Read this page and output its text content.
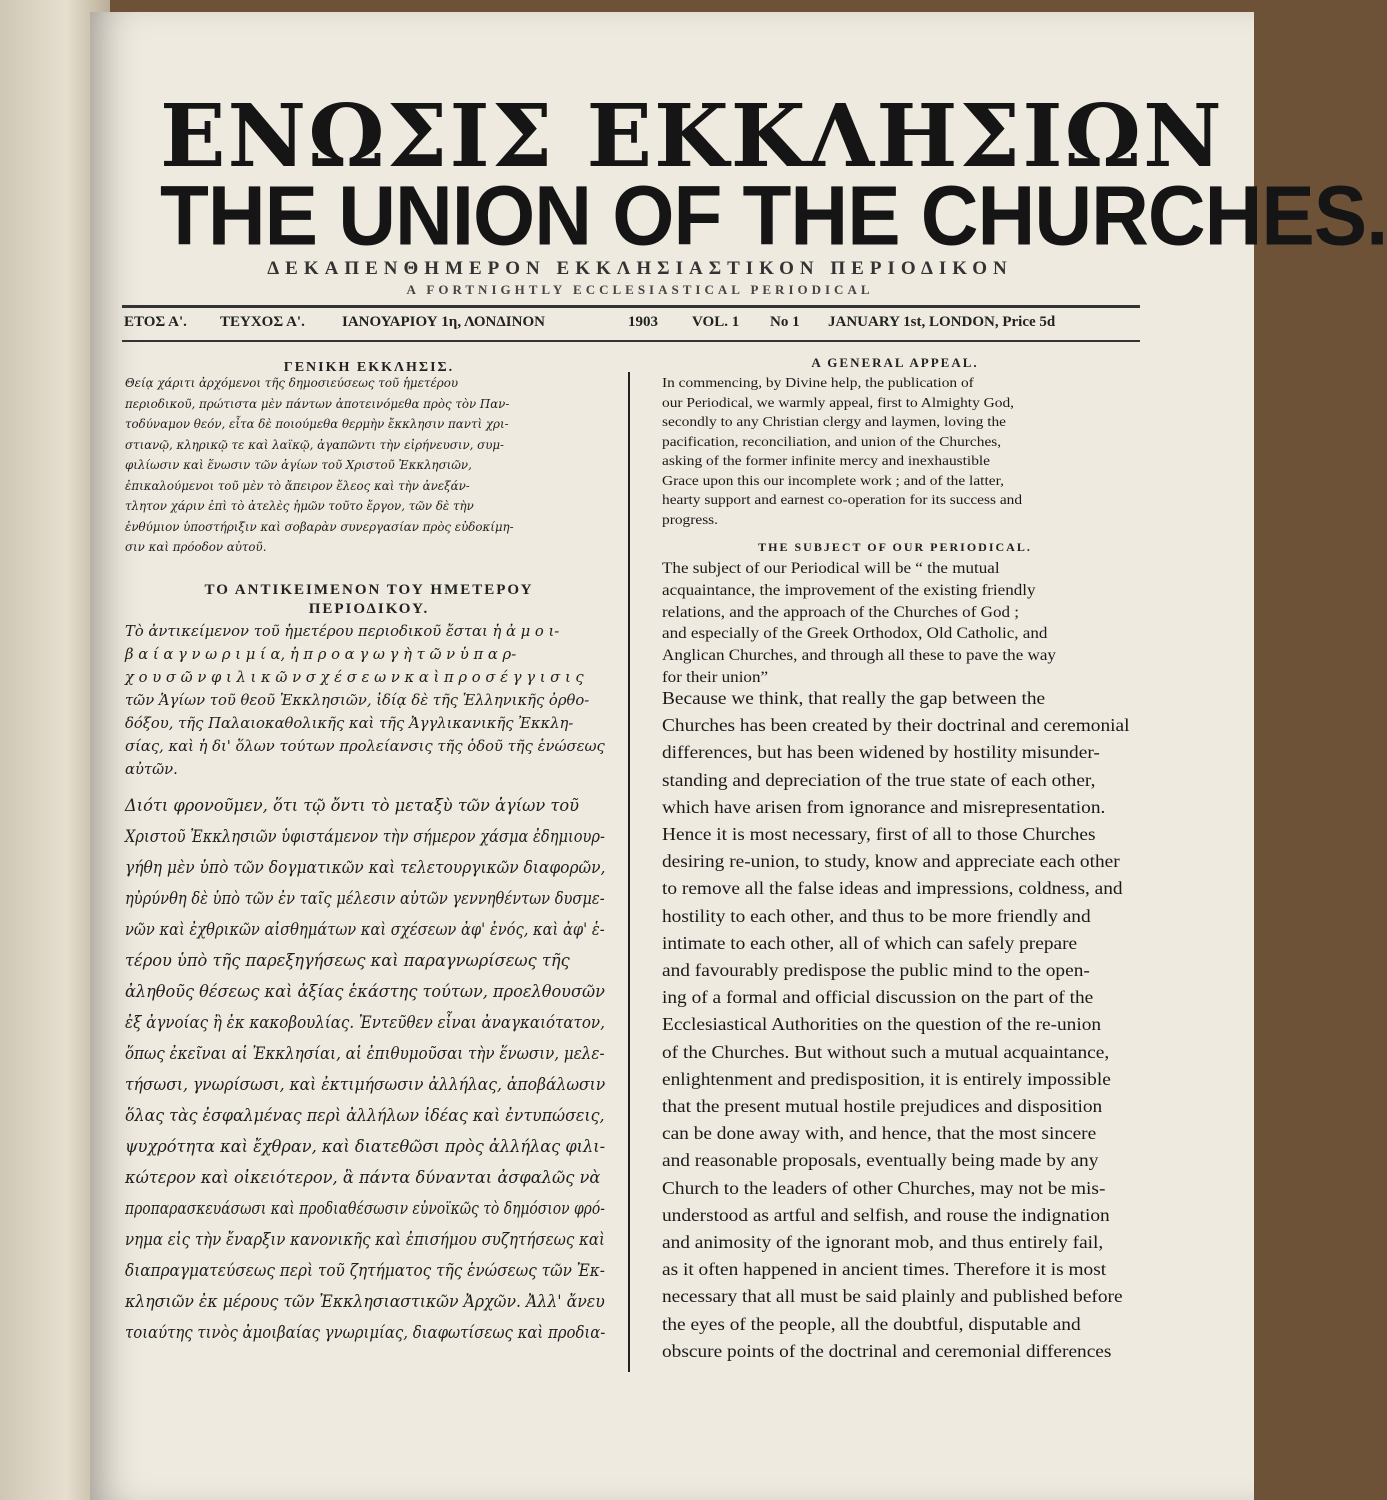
ΕΝΩΣΙΣ ΕΚΚΛΗΣΙΩΝ
THE UNION OF THE CHURCHES.
ΔΕΚΑΠΕΝΘΗΜΕΡΟΝ ΕΚΚΛΗΣΙΑΣΤΙΚΟΝ ΠΕΡΙΟΔΙΚΟΝ
A FORTNIGHTLY ECCLESIASTICAL PERIODICAL
ΕΤΟΣ Α'. ΤΕΥΧΟΣ Α'. ΙΑΝΟΥΑΡΙΟΥ 1η, ΛΟΝΔΙΝΟΝ	1903 VOL. 1 No 1 JANUARY 1st, LONDON, Price 5d
ΓΕΝΙΚΗ ΕΚΚΛΗΣΙΣ.
Θείᾳ χάριτι ἀρχόμενοι τῆς δημοσιεύσεως τοῦ ἡμετέρου
περιοδικοῦ, πρώτιστα μὲν πάντων ἀποτεινόμεθα πρὸς τὸν Παν-
τοδύναμον θεόν, εἶτα δὲ ποιούμεθα θερμὴν ἔκκλησιν παντὶ χρι-
στιανῷ, κληρικῷ τε καὶ λαϊκῷ, ἀγαπῶντι τὴν εἰρήνευσιν, συμ-
φιλίωσιν καὶ ἕνωσιν τῶν ἁγίων τοῦ Χριστοῦ Ἐκκλησιῶν,
ἐπικαλούμενοι τοῦ μὲν τὸ ἄπειρον ἔλεος καὶ τὴν ἀνεξάν-
τλητον χάριν ἐπὶ τὸ ἀτελὲς ἡμῶν τοῦτο ἔργον, τῶν δὲ τὴν
ἐνθύμιον ὑποστήριξιν καὶ σοβαρὰν συνεργασίαν πρὸς εὐδοκίμη-
σιν καὶ πρόοδον αὐτοῦ.
ΤΟ ΑΝΤΙΚΕΙΜΕΝΟΝ ΤΟΥ ΗΜΕΤΕΡΟΥ
ΠΕΡΙΟΔΙΚΟΥ.
Τὸ ἀντικείμενον τοῦ ἡμετέρου περιοδικοῦ ἔσται ἡ ἀ μ ο ι-
β α ί α γ ν ω ρ ι μ ί α, ἡ π ρ ο α γ ω γ ὴ τ ῶ ν ὑ π α ρ-
χ ο υ σ ῶ ν φ ι λ ι κ ῶ ν σ χ έ σ ε ω ν κ α ὶ π ρ ο σ έ γ γ ι σ ι ς
τῶν Ἁγίων τοῦ θεοῦ Ἐκκλησιῶν, ἰδίᾳ δὲ τῆς Ἑλληνικῆς ὀρθο-
δόξου, τῆς Παλαιοκαθολικῆς καὶ τῆς Ἀγγλικανικῆς Ἐκκλη-
σίας, καὶ ἡ δι' ὅλων τούτων προλείανσις τῆς ὁδοῦ τῆς ἑνώσεως
αὐτῶν.
Διότι φρονοῦμεν, ὅτι τῷ ὄντι τὸ μεταξὺ τῶν ἁγίων τοῦ
Χριστοῦ Ἐκκλησιῶν ὑφιστάμενον τὴν σήμερον χάσμα ἐδημιουρ-
γήθη μὲν ὑπὸ τῶν δογματικῶν καὶ τελετουργικῶν διαφορῶν,
ηὐρύνθη δὲ ὑπὸ τῶν ἐν ταῖς μέλεσιν αὐτῶν γεννηθέντων δυσμε-
νῶν καὶ ἐχθρικῶν αἰσθημάτων καὶ σχέσεων ἀφ' ἑνός, καὶ ἀφ' ἑ-
τέρου ὑπὸ τῆς παρεξηγήσεως καὶ παραγνωρίσεως τῆς
ἀληθοῦς θέσεως καὶ ἀξίας ἑκάστης τούτων, προελθουσῶν
ἐξ ἀγνοίας ἢ ἐκ κακοβουλίας. Ἐντεῦθεν εἶναι ἀναγκαιότατον,
ὅπως ἐκεῖναι αἱ Ἐκκλησίαι, αἱ ἐπιθυμοῦσαι τὴν ἕνωσιν, μελε-
τήσωσι, γνωρίσωσι, καὶ ἐκτιμήσωσιν ἀλλήλας, ἀποβάλωσιν
ὅλας τὰς ἐσφαλμένας περὶ ἀλλήλων ἰδέας καὶ ἐντυπώσεις,
ψυχρότητα καὶ ἔχθραν, καὶ διατεθῶσι πρὸς ἀλλήλας φιλι-
κώτερον καὶ οἰκειότερον, ἃ πάντα δύνανται ἀσφαλῶς νὰ
προπαρασκευάσωσι καὶ προδιαθέσωσιν εὐνοϊκῶς τὸ δημόσιον φρό-
νημα εἰς τὴν ἔναρξιν κανονικῆς καὶ ἐπισήμου συζητήσεως καὶ
διαπραγματεύσεως περὶ τοῦ ζητήματος τῆς ἑνώσεως τῶν Ἐκ-
κλησιῶν ἐκ μέρους τῶν Ἐκκλησιαστικῶν Ἀρχῶν. Ἀλλ' ἄνευ
τοιαύτης τινὸς ἀμοιβαίας γνωριμίας, διαφωτίσεως καὶ προδια-
A GENERAL APPEAL.
In commencing, by Divine help, the publication of
our Periodical, we warmly appeal, first to Almighty God,
secondly to any Christian clergy and laymen, loving the
pacification, reconciliation, and union of the Churches,
asking of the former infinite mercy and inexhaustible
Grace upon this our incomplete work ; and of the latter,
hearty support and earnest co-operation for its success and
progress.
THE SUBJECT OF OUR PERIODICAL.
The subject of our Periodical will be “ the mutual
acquaintance, the improvement of the existing friendly
relations, and the approach of the Churches of God ;
and especially of the Greek Orthodox, Old Catholic, and
Anglican Churches, and through all these to pave the way
for their union”
Because we think, that really the gap between the
Churches has been created by their doctrinal and ceremonial
differences, but has been widened by hostility misunder-
standing and depreciation of the true state of each other,
which have arisen from ignorance and misrepresentation.
Hence it is most necessary, first of all to those Churches
desiring re-union, to study, know and appreciate each other
to remove all the false ideas and impressions, coldness, and
hostility to each other, and thus to be more friendly and
intimate to each other, all of which can safely prepare
and favourably predispose the public mind to the open-
ing of a formal and official discussion on the part of the
Ecclesiastical Authorities on the question of the re-union
of the Churches. But without such a mutual acquaintance,
enlightenment and predisposition, it is entirely impossible
that the present mutual hostile prejudices and disposition
can be done away with, and hence, that the most sincere
and reasonable proposals, eventually being made by any
Church to the leaders of other Churches, may not be mis-
understood as artful and selfish, and rouse the indignation
and animosity of the ignorant mob, and thus entirely fail,
as it often happened in ancient times. Therefore it is most
necessary that all must be said plainly and published before
the eyes of the people, all the doubtful, disputable and
obscure points of the doctrinal and ceremonial differences
